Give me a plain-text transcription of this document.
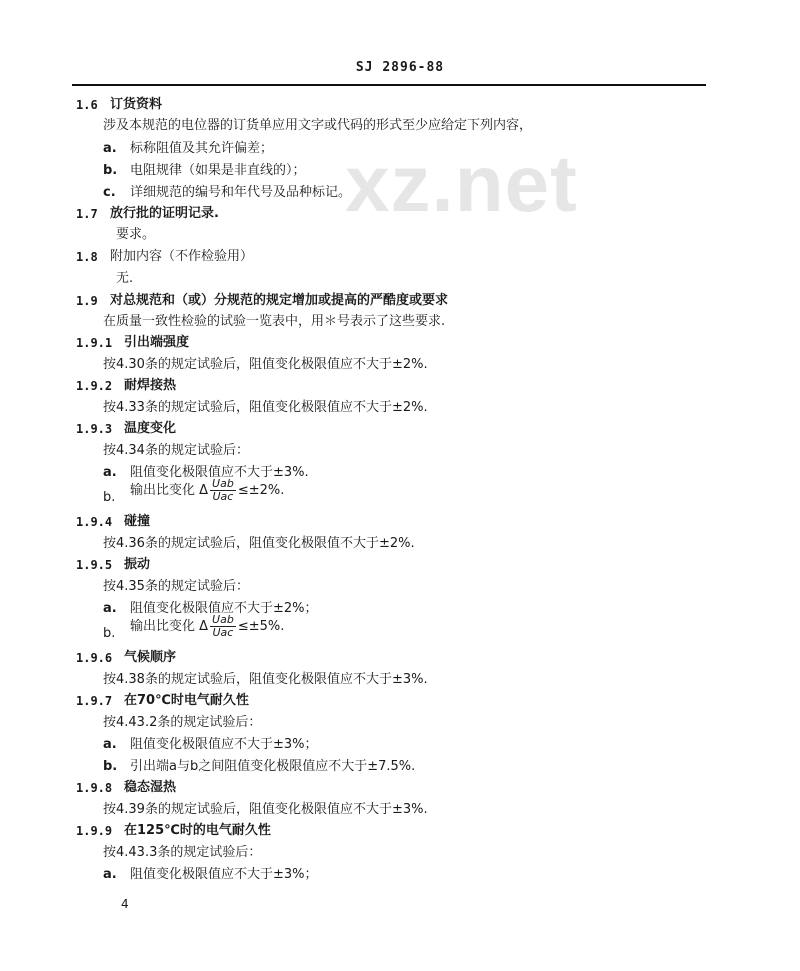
xz.net
SJ 2896-88
1.6 订货资料
涉及本规范的电位器的订货单应用文字或代码的形式至少应给定下列内容，
a. 标称阻值及其允许偏差；
b. 电阻规律（如果是非直线的）；
c. 详细规范的编号和年代号及品种标记。
1.7 放行批的证明记录.
要求。
1.8 附加内容（不作检验用）
无.
1.9 对总规范和（或）分规范的规定增加或提高的严酷度或要求
在质量一致性检验的试验一览表中，用＊号表示了这些要求.
1.9.1 引出端强度
按4.30条的规定试验后，阻值变化极限值应不大于±2%.
1.9.2 耐焊接热
按4.33条的规定试验后，阻值变化极限值应不大于±2%.
1.9.3 温度变化
按4.34条的规定试验后：
a. 阻值变化极限值应不大于±3%.
b. 输出比变化 Δ $\frac{\text{Uab}}{\text{Uac}} \le\pm 2\%$.
1.9.4 碰撞
按4.36条的规定试验后，阻值变化极限值不大于±2%.
1.9.5 振动
按4.35条的规定试验后：
a. 阻值变化极限值应不大于±2%；
b. 输出比变化 Δ $\frac{\text{Uab}}{\text{Uac}} \le\pm 5\%$.
1.9.6 气候顺序
按4.38条的规定试验后，阻值变化极限值应不大于±3%.
1.9.7 在70℃时电气耐久性
按4.43.2条的规定试验后：
a. 阻值变化极限值应不大于±3%；
b. 引出端a与b之间阻值变化极限值应不大于±7.5%.
1.9.8 稳态湿热
按4.39条的规定试验后，阻值变化极限值应不大于±3%.
1.9.9 在125℃时的电气耐久性
按4.43.3条的规定试验后：
a. 阻值变化极限值应不大于±3%；
4
